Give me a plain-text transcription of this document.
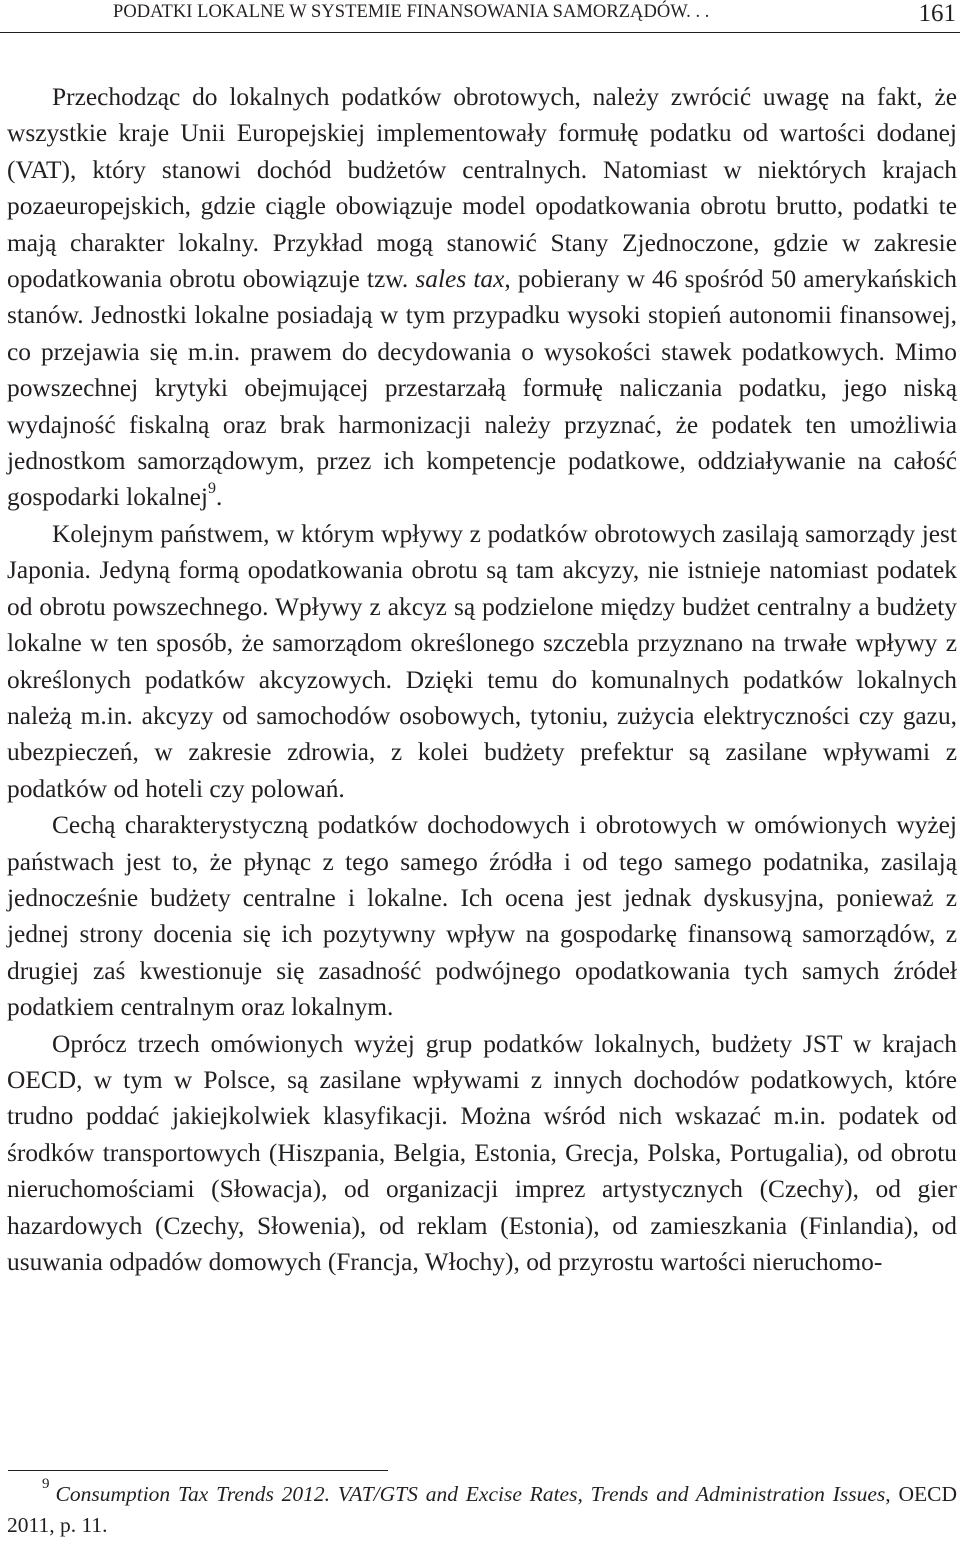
PODATKI LOKALNE W SYSTEMIE FINANSOWANIA SAMORZĄDÓW. . .	161

Przechodząc do lokalnych podatków obrotowych, należy zwrócić uwagę na fakt, że wszystkie kraje Unii Europejskiej implementowały formułę podatku od wartości dodanej (VAT), który stanowi dochód budżetów centralnych. Natomiast w niektórych krajach pozaeuropejskich, gdzie ciągle obowiązuje model opodatkowania obrotu brutto, podatki te mają charakter lokalny. Przykład mogą stanowić Stany Zjednoczone, gdzie w zakresie opodatkowania obrotu obowiązuje tzw. sales tax, pobierany w 46 spośród 50 amerykańskich stanów. Jednostki lokalne posiadają w tym przypadku wysoki stopień autonomii finansowej, co przejawia się m.in. prawem do decydowania o wysokości stawek podatkowych. Mimo powszechnej krytyki obejmującej przestarzałą formułę naliczania podatku, jego niską wydajność fiskalną oraz brak harmonizacji należy przyznać, że podatek ten umożliwia jednostkom samorządowym, przez ich kompetencje podatkowe, oddziaływanie na całość gospodarki lokalnej$^9$.

Kolejnym państwem, w którym wpływy z podatków obrotowych zasilają samorządy jest Japonia. Jedyną formą opodatkowania obrotu są tam akcyzy, nie istnieje natomiast podatek od obrotu powszechnego. Wpływy z akcyz są podzielone między budżet centralny a budżety lokalne w ten sposób, że samorządom określonego szczebla przyznano na trwałe wpływy z określonych podatków akcyzowych. Dzięki temu do komunalnych podatków lokalnych należą m.in. akcyzy od samochodów osobowych, tytoniu, zużycia elektryczności czy gazu, ubezpieczeń, w zakresie zdrowia, z kolei budżety prefektur są zasilane wpływami z podatków od hoteli czy polowań.

Cechą charakterystyczną podatków dochodowych i obrotowych w omówionych wyżej państwach jest to, że płynąc z tego samego źródła i od tego samego podatnika, zasilają jednocześnie budżety centralne i lokalne. Ich ocena jest jednak dyskusyjna, ponieważ z jednej strony docenia się ich pozytywny wpływ na gospodarkę finansową samorządów, z drugiej zaś kwestionuje się zasadność podwójnego opodatkowania tych samych źródeł podatkiem centralnym oraz lokalnym.

Oprócz trzech omówionych wyżej grup podatków lokalnych, budżety JST w krajach OECD, w tym w Polsce, są zasilane wpływami z innych dochodów podatkowych, które trudno poddać jakiejkolwiek klasyfikacji. Można wśród nich wskazać m.in. podatek od środków transportowych (Hiszpania, Belgia, Estonia, Grecja, Polska, Portugalia), od obrotu nieruchomościami (Słowacja), od organizacji imprez artystycznych (Czechy), od gier hazardowych (Czechy, Słowenia), od reklam (Estonia), od zamieszkania (Finlandia), od usuwania odpadów domowych (Francja, Włochy), od przyrostu wartości nieruchomo-

$^9$ Consumption Tax Trends 2012. VAT/GTS and Excise Rates, Trends and Administration Issues, OECD 2011, p. 11.
